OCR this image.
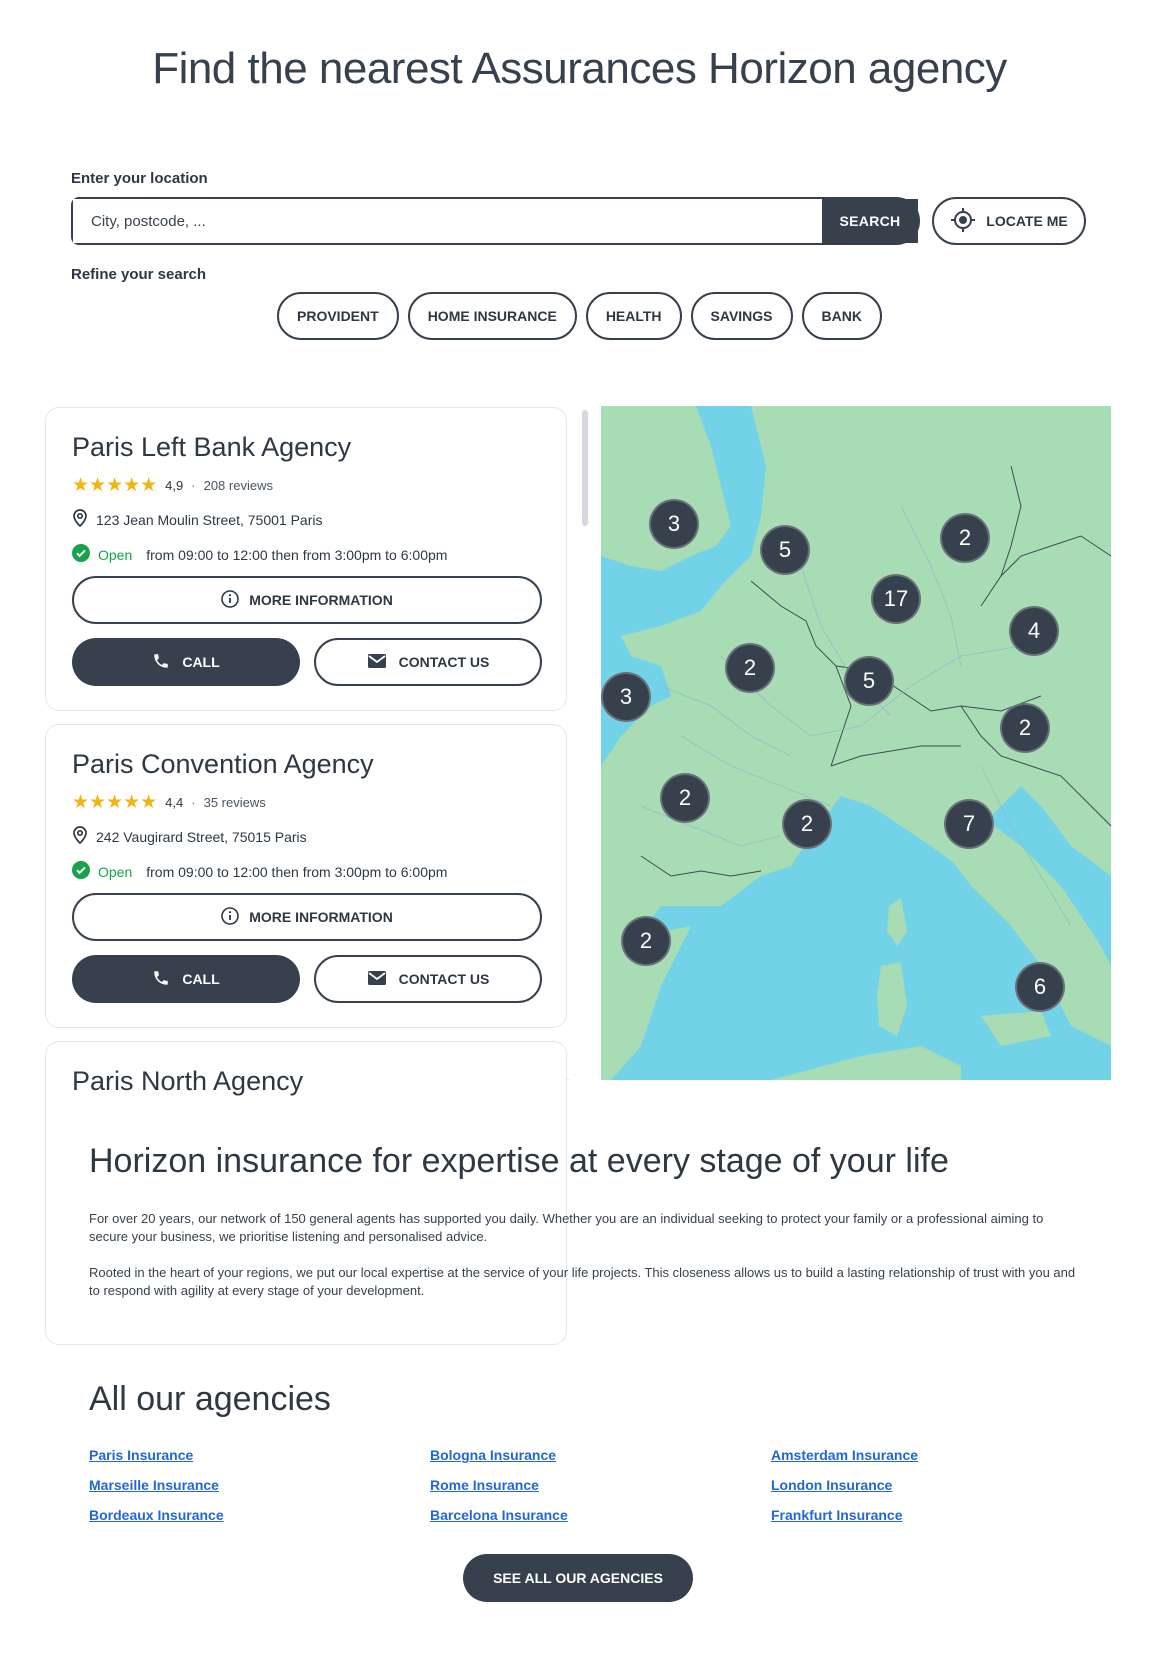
Find the nearest Assurances Horizon agency
Enter your location
City, postcode, ...
SEARCH	LOCATE ME
Refine your search
PROVIDENT	HOME INSURANCE	HEALTH	SAVINGS	BANK
Paris Left Bank Agency
★★★★★ 4,9 · 208 reviews
123 Jean Moulin Street, 75001 Paris
Open from 09:00 to 12:00 then from 3:00pm to 6:00pm
MORE INFORMATION
CALL	CONTACT US
Paris Convention Agency
★★★★★ 4,4 · 35 reviews
242 Vaugirard Street, 75015 Paris
Open from 09:00 to 12:00 then from 3:00pm to 6:00pm
MORE INFORMATION
CALL	CONTACT US
Paris North Agency
3
5	2
17
4
2
5
3
2
2
2	7
2
6
Horizon insurance for expertise at every stage of your life

For over 20 years, our network of 150 general agents has supported you daily. Whether you are an individual seeking to protect your family or a professional aiming to secure your business, we prioritise listening and personalised advice.

Rooted in the heart of your regions, we put our local expertise at the service of your life projects. This closeness allows us to build a lasting relationship of trust with you and to respond with agility at every stage of your development.

All our agencies
Paris Insurance	Bologna Insurance	Amsterdam Insurance
Marseille Insurance	Rome Insurance	London Insurance
Bordeaux Insurance	Barcelona Insurance	Frankfurt Insurance
SEE ALL OUR AGENCIES
